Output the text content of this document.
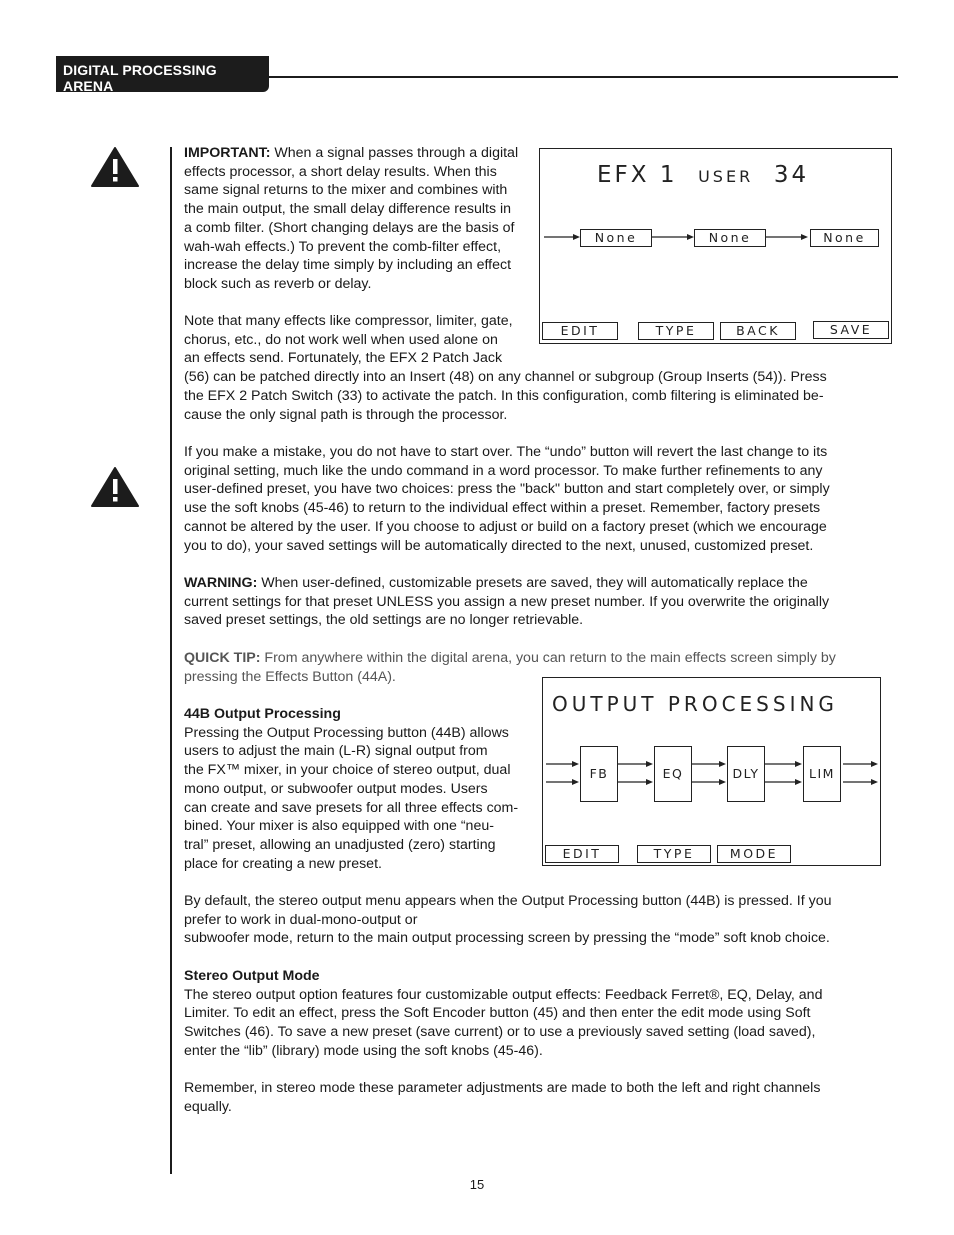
DIGITAL PROCESSING ARENA
EFX 1 user 34
None	None	None
EDIT	TYPE	BACK	SAVE
OUTPUT PROCESSING
FB	EQ	DLY	LIM
EDIT	TYPE	MODE

IMPORTANT: When a signal passes through a digital

effects processor, a short delay results. When this

same signal returns to the mixer and combines with

the main output, the small delay difference results in

a comb filter. (Short changing delays are the basis of

wah-wah effects.) To prevent the comb-filter effect,

increase the delay time simply by including an effect

block such as reverb or delay.

Note that many effects like compressor, limiter, gate,

chorus, etc., do not work well when used alone on

an effects send. Fortunately, the EFX 2 Patch Jack

(56) can be patched directly into an Insert (48) on any channel or subgroup (Group Inserts (54)). Press

the EFX 2 Patch Switch (33) to activate the patch. In this configuration, comb filtering is eliminated be-

cause the only signal path is through the processor.

If you make a mistake, you do not have to start over. The “undo” button will revert the last change to its

original setting, much like the undo command in a word processor. To make further refinements to any

user-defined preset, you have two choices: press the "back" button and start completely over, or simply

use the soft knobs (45-46) to return to the individual effect within a preset. Remember, factory presets

cannot be altered by the user. If you choose to adjust or build on a factory preset (which we encourage

you to do), your saved settings will be automatically directed to the next, unused, customized preset.

WARNING: When user-defined, customizable presets are saved, they will automatically replace the

current settings for that preset UNLESS you assign a new preset number. If you overwrite the originally

saved preset settings, the old settings are no longer retrievable.

QUICK TIP: From anywhere within the digital arena, you can return to the main effects screen simply by

pressing the Effects Button (44A).

44B Output Processing

Pressing the Output Processing button (44B) allows

users to adjust the main (L-R) signal output from

the FX™ mixer, in your choice of stereo output, dual

mono output, or subwoofer output modes. Users

can create and save presets for all three effects com-

bined. Your mixer is also equipped with one “neu-

tral” preset, allowing an unadjusted (zero) starting

place for creating a new preset.

By default, the stereo output menu appears when the Output Processing button (44B) is pressed. If you

prefer to work in dual-mono-output or

subwoofer mode, return to the main output processing screen by pressing the “mode” soft knob choice.

Stereo Output Mode

The stereo output option features four customizable output effects: Feedback Ferret®, EQ, Delay, and

Limiter. To edit an effect, press the Soft Encoder button (45) and then enter the edit mode using Soft

Switches (46). To save a new preset (save current) or to use a previously saved setting (load saved),

enter the “lib” (library) mode using the soft knobs (45-46).

Remember, in stereo mode these parameter adjustments are made to both the left and right channels

equally.

15
